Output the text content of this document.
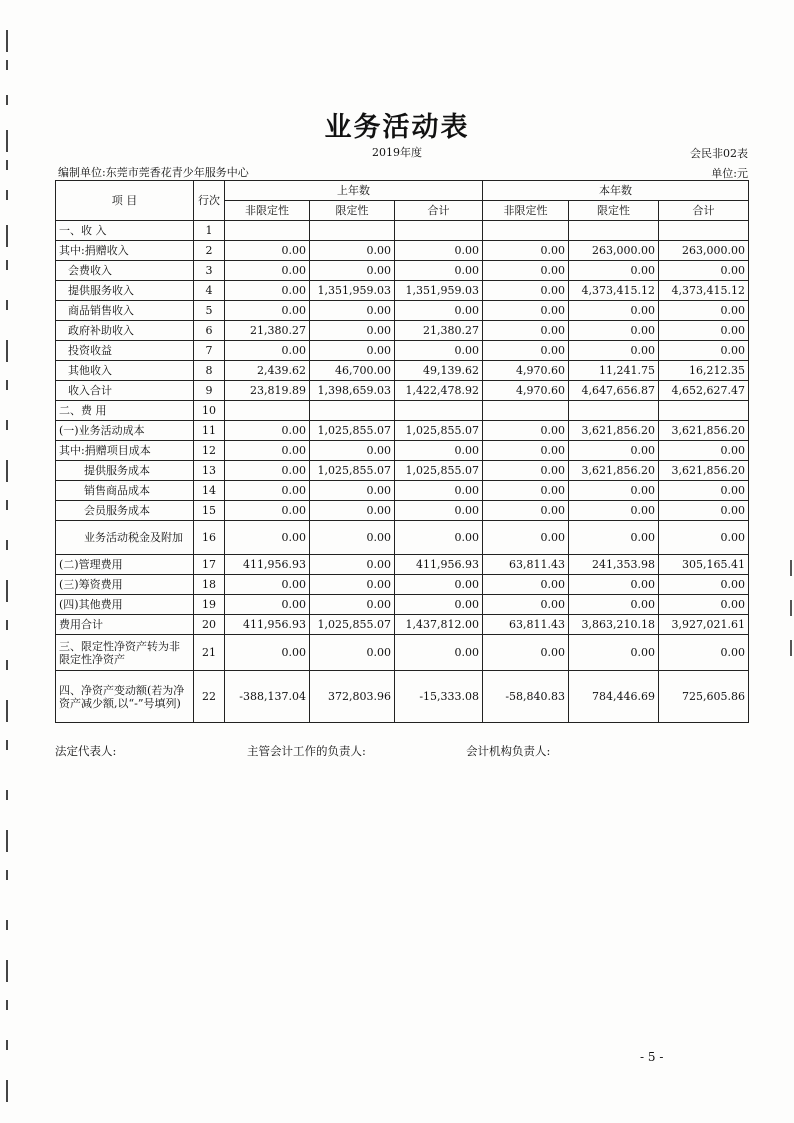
业务活动表
2019年度	会民非02表
编制单位:东莞市莞香花青少年服务中心	单位:元
项 目	行次	上年数			本年数		
		非限定性	限定性	合计	非限定性	限定性	合计
一、收 入	1						
其中:捐赠收入	2	0.00	0.00	0.00	0.00	263,000.00	263,000.00
会费收入	3	0.00	0.00	0.00	0.00	0.00	0.00
提供服务收入	4	0.00	1,351,959.03	1,351,959.03	0.00	4,373,415.12	4,373,415.12
商品销售收入	5	0.00	0.00	0.00	0.00	0.00	0.00
政府补助收入	6	21,380.27	0.00	21,380.27	0.00	0.00	0.00
投资收益	7	0.00	0.00	0.00	0.00	0.00	0.00
其他收入	8	2,439.62	46,700.00	49,139.62	4,970.60	11,241.75	16,212.35
收入合计	9	23,819.89	1,398,659.03	1,422,478.92	4,970.60	4,647,656.87	4,652,627.47
二、费 用	10						
(一)业务活动成本	11	0.00	1,025,855.07	1,025,855.07	0.00	3,621,856.20	3,621,856.20
其中:捐赠项目成本	12	0.00	0.00	0.00	0.00	0.00	0.00
提供服务成本	13	0.00	1,025,855.07	1,025,855.07	0.00	3,621,856.20	3,621,856.20
销售商品成本	14	0.00	0.00	0.00	0.00	0.00	0.00
会员服务成本	15	0.00	0.00	0.00	0.00	0.00	0.00
业务活动税金及附加	16	0.00	0.00	0.00	0.00	0.00	0.00
(二)管理费用	17	411,956.93	0.00	411,956.93	63,811.43	241,353.98	305,165.41
(三)筹资费用	18	0.00	0.00	0.00	0.00	0.00	0.00
(四)其他费用	19	0.00	0.00	0.00	0.00	0.00	0.00
费用合计	20	411,956.93	1,025,855.07	1,437,812.00	63,811.43	3,863,210.18	3,927,021.61
三、限定性净资产转为非限定性净资产	21	0.00	0.00	0.00	0.00	0.00	0.00
四、净资产变动额(若为净资产减少额,以“-”号填列)	22	-388,137.04	372,803.96	-15,333.08	-58,840.83	784,446.69	725,605.86
法定代表人:	主管会计工作的负责人:	会计机构负责人:
- 5 -
